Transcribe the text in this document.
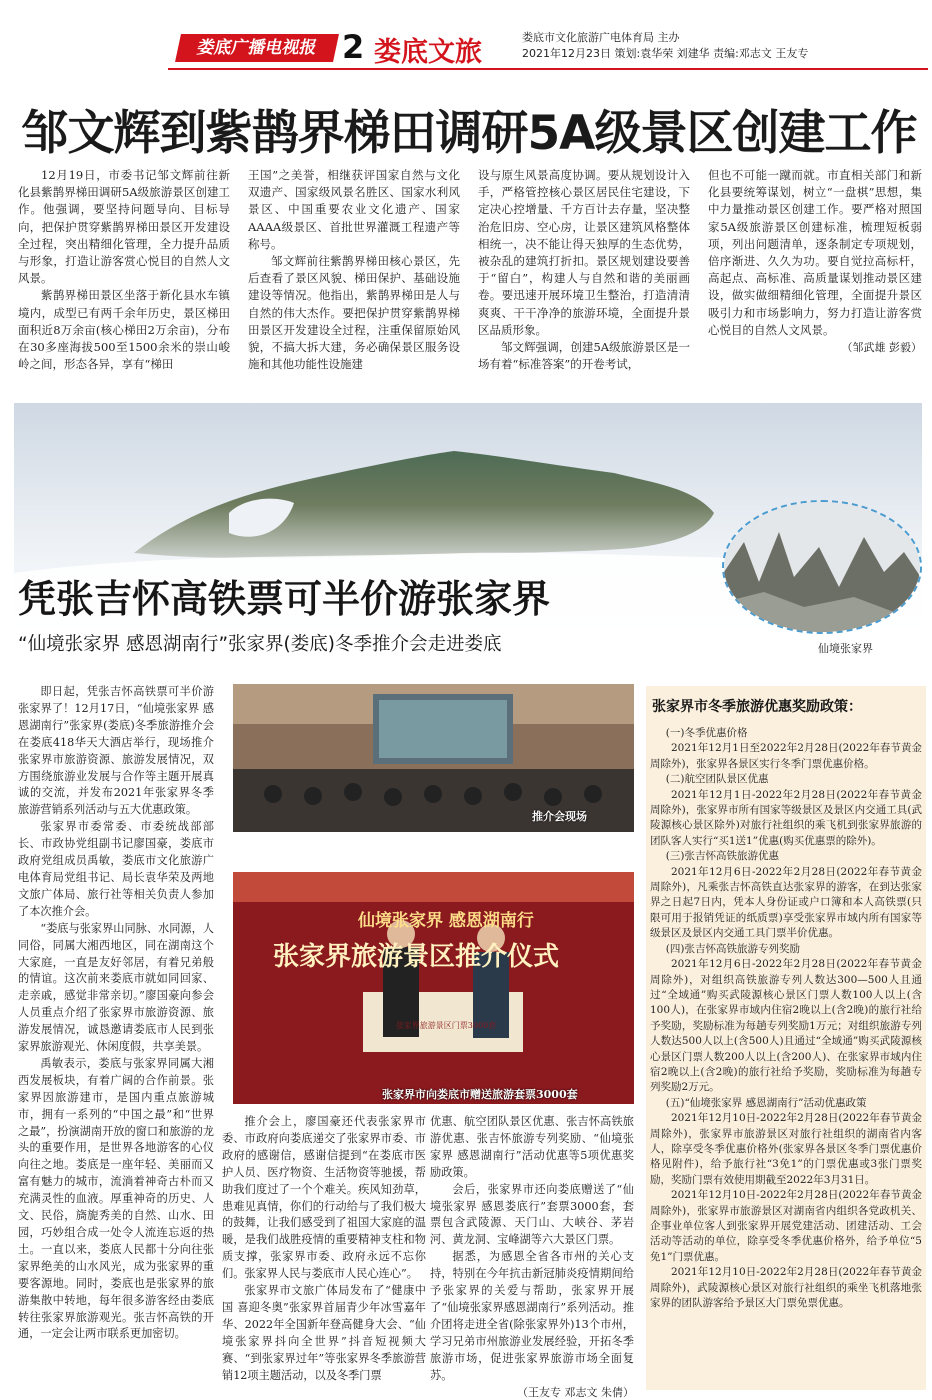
娄底广播电视报 2 娄底文旅	娄底市文化旅游广电体育局 主办
2021年12月23日 策划:袁华荣 刘建华 责编:邓志文 王友专
邹文辉到紫鹊界梯田调研5A级景区创建工作

12月19日，市委书记邹文辉前往新化县紫鹊界梯田调研5A级旅游景区创建工作。他强调，要坚持问题导向、目标导向，把保护贯穿紫鹊界梯田景区开发建设全过程，突出精细化管理，全力提升品质与形象，打造让游客赏心悦目的自然人文风景。

紫鹊界梯田景区坐落于新化县水车镇境内，成型已有两千余年历史，景区梯田面积近8万余亩(核心梯田2万余亩)，分布在30多座海拔500至1500余米的崇山峻岭之间，形态各异，享有“梯田

王国”之美誉，相继获评国家自然与文化双遗产、国家级风景名胜区、国家水利风景区、中国重要农业文化遗产、国家AAAA级景区、首批世界灌溉工程遗产等称号。

邹文辉前往紫鹊界梯田核心景区，先后查看了景区风貌、梯田保护、基础设施建设等情况。他指出，紫鹊界梯田是人与自然的伟大杰作。要把保护贯穿紫鹊界梯田景区开发建设全过程，注重保留原始风貌，不搞大拆大建，务必确保景区服务设施和其他功能性设施建

设与原生风景高度协调。要从规划设计入手，严格管控核心景区居民住宅建设，下定决心控增量、千方百计去存量，坚决整治危旧房、空心房，让景区建筑风格整体相统一，决不能让得天独厚的生态优势，被杂乱的建筑打折扣。景区规划建设要善于“留白”，构建人与自然和谐的美丽画卷。要迅速开展环境卫生整治，打造清清爽爽、干干净净的旅游环境，全面提升景区品质形象。

邹文辉强调，创建5A级旅游景区是一场有着“标准答案”的开卷考试，

但也不可能一蹴而就。市直相关部门和新化县要统筹谋划，树立“一盘棋”思想，集中力量推动景区创建工作。要严格对照国家5A级旅游景区创建标准，梳理短板弱项，列出问题清单，逐条制定专项规划，倍序渐进、久久为功。要自觉拉高标杆，高起点、高标准、高质量谋划推动景区建设，做实做细精细化管理，全面提升景区吸引力和市场影响力，努力打造让游客赏心悦目的自然人文风景。

（邹武雄 彭毅）
仙境张家界
凭张吉怀高铁票可半价游张家界
“仙境张家界 感恩湖南行”张家界(娄底)冬季推介会走进娄底

即日起，凭张吉怀高铁票可半价游张家界了！12月17日，“仙境张家界 感恩湖南行”张家界(娄底)冬季旅游推介会在娄底418华天大酒店举行，现场推介张家界市旅游资源、旅游发展情况，双方围绕旅游业发展与合作等主题开展真诚的交流，并发布2021年张家界冬季旅游营销系列活动与五大优惠政策。

张家界市委常委、市委统战部部长、市政协党组副书记廖国豪，娄底市政府党组成员禹敏，娄底市文化旅游广电体育局党组书记、局长袁华荣及两地文旅广体局、旅行社等相关负责人参加了本次推介会。

“娄底与张家界山同脉、水同源，人同俗，同属大湘西地区，同在湖南这个大家庭，一直是友好邻居，有着兄弟般的情谊。这次前来娄底市就如同回家、走亲戚，感觉非常亲切。”廖国豪向参会人员重点介绍了张家界市旅游资源、旅游发展情况，诚恳邀请娄底市人民到张家界旅游观光、休闲度假，共享美景。

禹敏表示，娄底与张家界同属大湘西发展板块，有着广阔的合作前景。张家界因旅游建市，是国内重点旅游城市，拥有一系列的“中国之最”和“世界之最”，扮演湖南开放的窗口和旅游的龙头的重要作用，是世界各地游客的心仪向往之地。娄底是一座年轻、美丽而又富有魅力的城市，流淌着神奇古朴而又充满灵性的血液。厚重神奇的历史、人文、民俗，旖旎秀美的自然、山水、田园，巧妙组合成一处令人流连忘返的热土。一直以来，娄底人民都十分向往张家界绝美的山水风光，成为张家界的重要客源地。同时，娄底也是张家界的旅游集散中转地，每年很多游客经由娄底转往张家界旅游观光。张吉怀高铁的开通，一定会让两市联系更加密切。

推介会现场
仙境张家界 感恩湖南行
张家界旅游景区推介仪式
张家界旅游景区门票3000套
张家界市向娄底市赠送旅游套票3000套

推介会上，廖国豪还代表张家界市委、市政府向娄底递交了张家界市委、市政府的感谢信，感谢信提到“在娄底市医护人员、医疗物资、生活物资等驰援，帮助我们度过了一个个难关。疾风知劲草，患难见真情，你们的行动给与了我们极大的鼓舞，让我们感受到了祖国大家庭的温暖，是我们战胜疫情的重要精神支柱和物质支撑，张家界市委、政府永远不忘你们。张家界人民与娄底市人民心连心”。

张家界市文旅广体局发布了“健康中国 喜迎冬奥”张家界首届青少年冰雪嘉年华、2022年全国新年登高健身大会、“仙境张家界抖向全世界”抖音短视频大赛、“到张家界过年”等张家界冬季旅游营销12项主题活动，以及冬季门票

优惠、航空团队景区优惠、张吉怀高铁旅游优惠、张吉怀旅游专列奖励、“仙境张家界 感恩湖南行”活动优惠等5项优惠奖励政策。

会后，张家界市还向娄底赠送了“仙境张家界 感恩娄底行”套票3000套，套票包含武陵源、天门山、大峡谷、茅岩河、黄龙洞、宝峰湖等六大景区门票。

据悉，为感恩全省各市州的关心支持，特别在今年抗击新冠肺炎疫情期间给予张家界的关爱与帮助，张家界开展了“仙境张家界感恩湖南行”系列活动。推介团将走进全省(除张家界外)13个市州，学习兄弟市州旅游业发展经验，开拓冬季旅游市场，促进张家界旅游市场全面复苏。

（王友专 邓志文 朱倩）
张家界市冬季旅游优惠奖励政策：

(一)冬季优惠价格

2021年12月1日至2022年2月28日(2022年春节黄金周除外)，张家界各景区实行冬季门票优惠价格。

(二)航空团队景区优惠

2021年12月1日-2022年2月28日(2022年春节黄金周除外)，张家界市所有国家等级景区及景区内交通工具(武陵源核心景区除外)对旅行社组织的乘飞机到张家界旅游的团队客人实行“买1送1”优惠(购买优惠票的除外)。

(三)张吉怀高铁旅游优惠

2021年12月6日-2022年2月28日(2022年春节黄金周除外)，凡乘张吉怀高铁直达张家界的游客，在到达张家界之日起7日内，凭本人身份证或户口簿和本人高铁票(只限可用于报销凭证的纸质票)享受张家界市域内所有国家等级景区及景区内交通工具门票半价优惠。

(四)张吉怀高铁旅游专列奖励

2021年12月6日-2022年2月28日(2022年春节黄金周除外)，对组织高铁旅游专列人数达300—500人且通过“全域通”购买武陵源核心景区门票人数100人以上(含100人)，在张家界市域内住宿2晚以上(含2晚)的旅行社给予奖励，奖励标准为每趟专列奖励1万元；对组织旅游专列人数达500人以上(含500人)且通过“全域通”购买武陵源核心景区门票人数200人以上(含200人)、在张家界市域内住宿2晚以上(含2晚)的旅行社给予奖励，奖励标准为每趟专列奖励2万元。

(五)“仙境张家界 感恩湖南行”活动优惠政策

2021年12月10日-2022年2月28日(2022年春节黄金周除外)，张家界市旅游景区对旅行社组织的湖南省内客人，除享受冬季优惠价格外(张家界各景区冬季门票优惠价格见附件)，给予旅行社“3免1”的门票优惠或3张门票奖励，奖励门票有效使用期截至2022年3月31日。

2021年12月10日-2022年2月28日(2022年春节黄金周除外)，张家界市旅游景区对湖南省内组织各党政机关、企事业单位客人到张家界开展党建活动、团建活动、工会活动等活动的单位，除享受冬季优惠价格外，给予单位“5免1”门票优惠。

2021年12月10日-2022年2月28日(2022年春节黄金周除外)，武陵源核心景区对旅行社组织的乘坐飞机落地张家界的团队游客给予景区大门票免票优惠。
